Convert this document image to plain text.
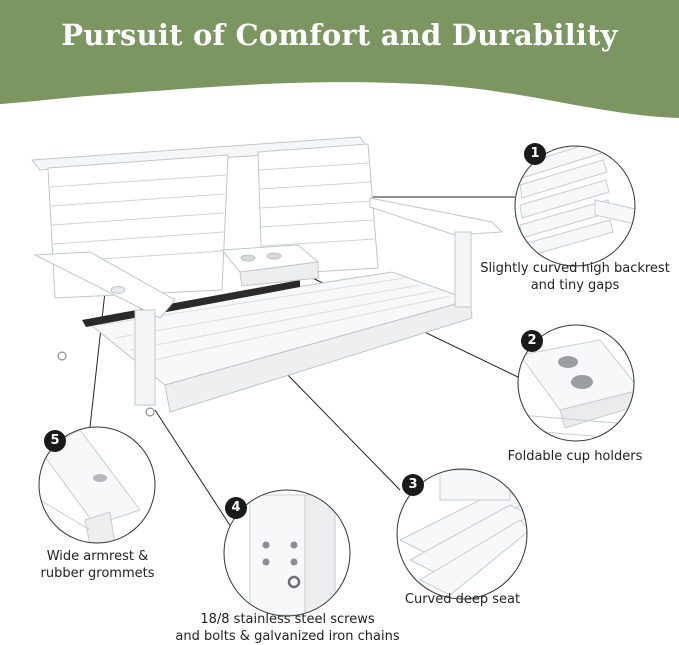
Pursuit of Comfort and Durability
1
2
3
4
5
Slightly curved high backrest
and tiny gaps
Foldable cup holders
Curved deep seat
18/8 stainless steel screws
and bolts & galvanized iron chains
Wide armrest &
rubber grommets
